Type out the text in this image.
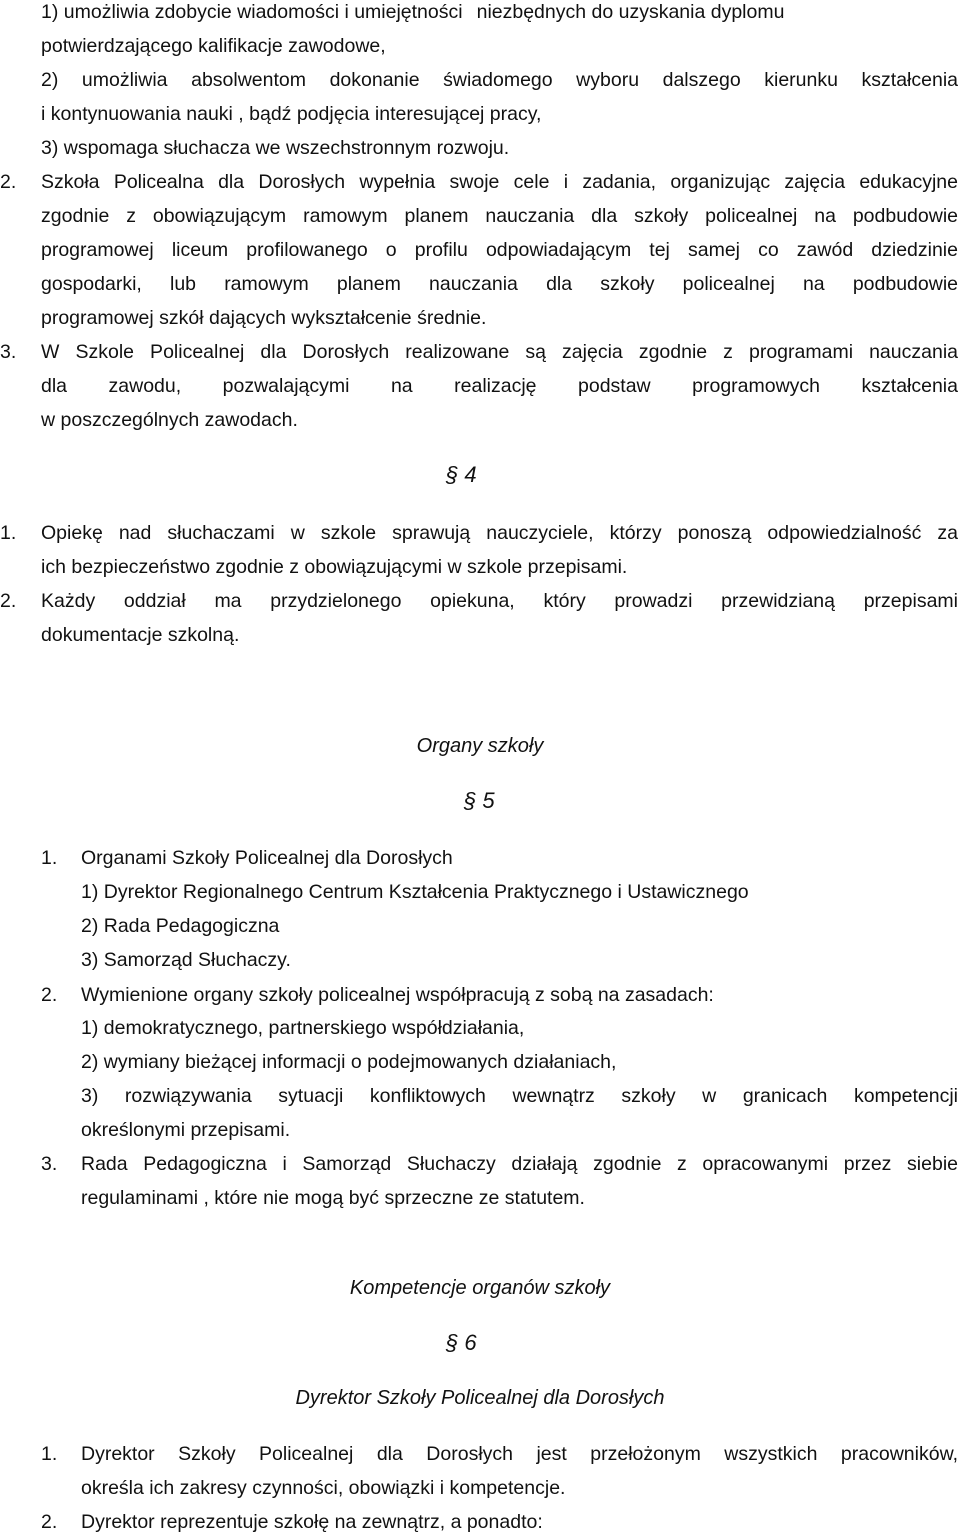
1) umożliwia zdobycie wiadomości i umiejętności niezbędnych do uzyskania dyplomu
potwierdzającego kalifikacje zawodowe,
2) umożliwia absolwentom dokonanie świadomego wyboru dalszego kierunku kształcenia
i kontynuowania nauki , bądź podjęcia interesującej pracy,
3) wspomaga słuchacza we wszechstronnym rozwoju.
2. Szkoła Policealna dla Dorosłych wypełnia swoje cele i zadania, organizując zajęcia edukacyjne
zgodnie z obowiązującym ramowym planem nauczania dla szkoły policealnej na podbudowie
programowej liceum profilowanego o profilu odpowiadającym tej samej co zawód dziedzinie
gospodarki, lub ramowym planem nauczania dla szkoły policealnej na podbudowie
programowej szkół dających wykształcenie średnie.
3. W Szkole Policealnej dla Dorosłych realizowane są zajęcia zgodnie z programami nauczania
dla zawodu, pozwalającymi na realizację podstaw programowych kształcenia
w poszczególnych zawodach.
§ 4
1. Opiekę nad słuchaczami w szkole sprawują nauczyciele, którzy ponoszą odpowiedzialność za
ich bezpieczeństwo zgodnie z obowiązującymi w szkole przepisami.
2. Każdy oddział ma przydzielonego opiekuna, który prowadzi przewidzianą przepisami
dokumentacje szkolną.
Organy szkoły
§ 5
1. Organami Szkoły Policealnej dla Dorosłych
1) Dyrektor Regionalnego Centrum Kształcenia Praktycznego i Ustawicznego
2) Rada Pedagogiczna
3) Samorząd Słuchaczy.
2. Wymienione organy szkoły policealnej współpracują z sobą na zasadach:
1) demokratycznego, partnerskiego współdziałania,
2) wymiany bieżącej informacji o podejmowanych działaniach,
3) rozwiązywania sytuacji konfliktowych wewnątrz szkoły w granicach kompetencji
określonymi przepisami.
3. Rada Pedagogiczna i Samorząd Słuchaczy działają zgodnie z opracowanymi przez siebie
regulaminami , które nie mogą być sprzeczne ze statutem.
Kompetencje organów szkoły
§ 6
Dyrektor Szkoły Policealnej dla Dorosłych
1. Dyrektor Szkoły Policealnej dla Dorosłych jest przełożonym wszystkich pracowników,
określa ich zakresy czynności, obowiązki i kompetencje.
2. Dyrektor reprezentuje szkołę na zewnątrz, a ponadto:
